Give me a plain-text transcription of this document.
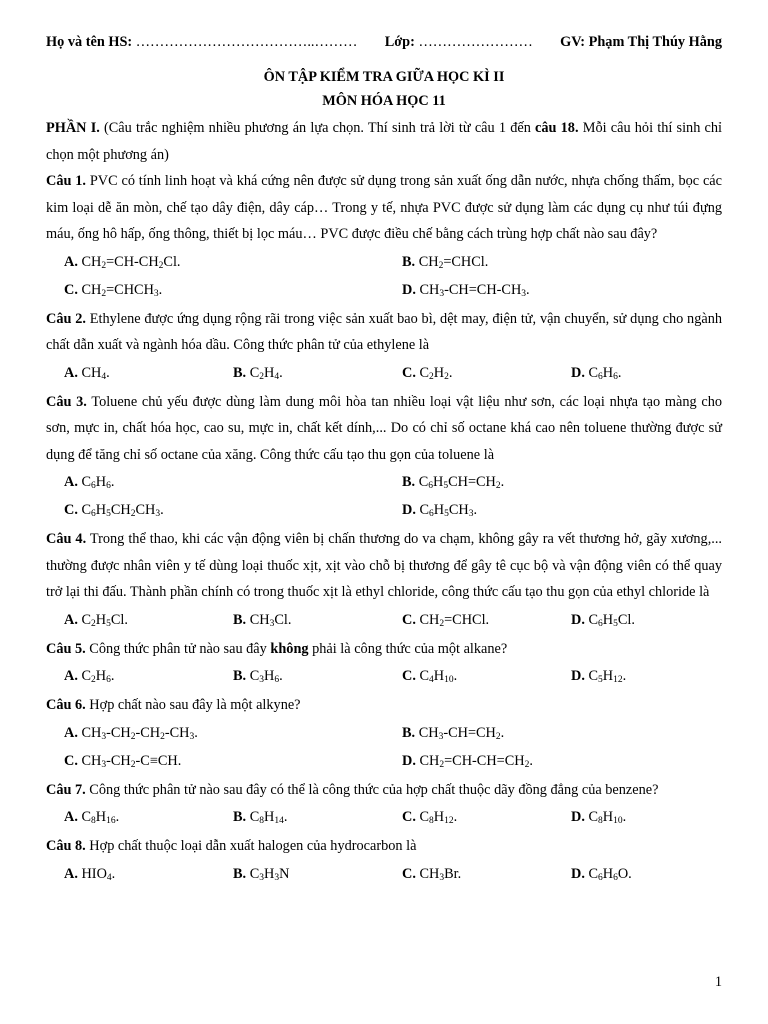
Họ và tên HS: ………………………………..……… Lớp: …………………… GV: Phạm Thị Thúy Hằng
ÔN TẬP KIỂM TRA GIỮA HỌC KÌ II
MÔN HÓA HỌC 11

PHẦN I. (Câu trắc nghiệm nhiều phương án lựa chọn. Thí sinh trả lời từ câu 1 đến câu 18. Mỗi câu hỏi thí sinh chỉ chọn một phương án)

Câu 1. PVC có tính linh hoạt và khá cứng nên được sử dụng trong sản xuất ống dẫn nước, nhựa chống thấm, bọc các kim loại dễ ăn mòn, chế tạo dây điện, dây cáp… Trong y tế, nhựa PVC được sử dụng làm các dụng cụ như túi đựng máu, ống hô hấp, ống thông, thiết bị lọc máu… PVC được điều chế bằng cách trùng hợp chất nào sau đây?

A. $CH_2=CH-CH_2Cl$.	B. $CH_2=CHCl$.
C. $CH_2=CHCH_3$.	D. $CH_3-CH=CH-CH_3$.

Câu 2. Ethylene được ứng dụng rộng rãi trong việc sản xuất bao bì, dệt may, điện tử, vận chuyển, sử dụng cho ngành chất dẫn xuất và ngành hóa dầu. Công thức phân tử của ethylene là

A. $CH_4$.	B. $C_2H_4$.	C. $C_2H_2$.	D. $C_6H_6$.

Câu 3. Toluene chủ yếu được dùng làm dung môi hòa tan nhiều loại vật liệu như sơn, các loại nhựa tạo màng cho sơn, mực in, chất hóa học, cao su, mực in, chất kết dính,... Do có chỉ số octane khá cao nên toluene thường được sử dụng để tăng chỉ số octane của xăng. Công thức cấu tạo thu gọn của toluene là

A. $C_6H_6$.	B. $C_6H_5CH=CH_2$.
C. $C_6H_5CH_2CH_3$.	D. $C_6H_5CH_3$.

Câu 4. Trong thể thao, khi các vận động viên bị chấn thương do va chạm, không gây ra vết thương hở, gãy xương,... thường được nhân viên y tế dùng loại thuốc xịt, xịt vào chỗ bị thương để gây tê cục bộ và vận động viên có thể quay trở lại thi đấu. Thành phần chính có trong thuốc xịt là ethyl chloride, công thức cấu tạo thu gọn của ethyl chloride là

A. $C_2H_5Cl$.	B. $CH_3Cl$.	C. $CH_2=CHCl$.	D. $C_6H_5Cl$.

Câu 5. Công thức phân tử nào sau đây không phải là công thức của một alkane?

A. $C_2H_6$.	B. $C_3H_6$.	C. $C_4H_{10}$.	D. $C_5H_{12}$.

Câu 6. Hợp chất nào sau đây là một alkyne?

A. $CH_3-CH_2-CH_2-CH_3$.	B. $CH_3-CH=CH_2$.
C. $CH_3-CH_2-C\equiv CH$.	D. $CH_2=CH-CH=CH_2$.

Câu 7. Công thức phân tử nào sau đây có thể là công thức của hợp chất thuộc dãy đồng đẳng của benzene?

A. $C_8H_{16}$.	B. $C_8H_{14}$.	C. $C_8H_{12}$.	D. $C_8H_{10}$.

Câu 8. Hợp chất thuộc loại dẫn xuất halogen của hydrocarbon là

A. $HIO_4$.	B. $C_3H_3N$	C. $CH_3Br$.	D. $C_6H_6O$.
1
